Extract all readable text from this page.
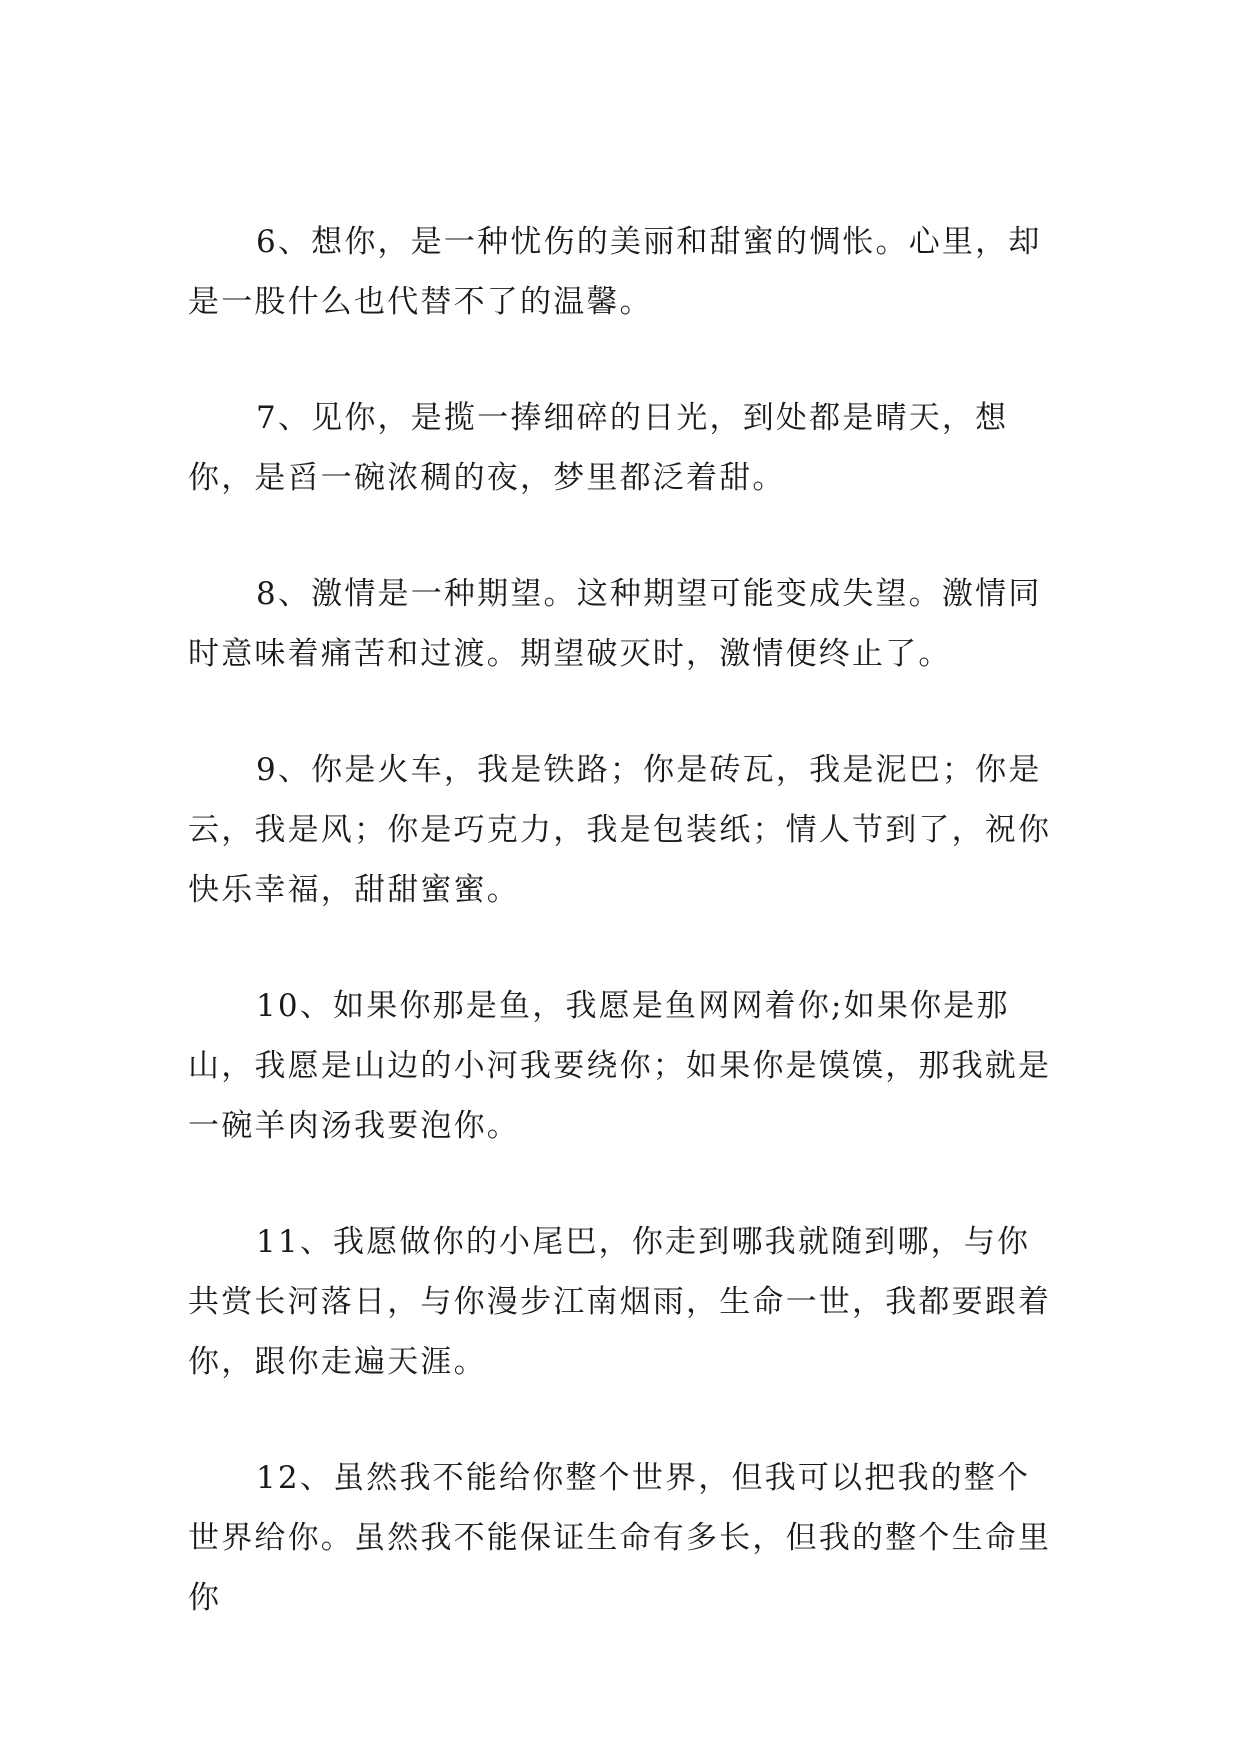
6、想你，是一种忧伤的美丽和甜蜜的惆怅。心里，却是一股什么也代替不了的温馨。

7、见你，是揽一捧细碎的日光，到处都是晴天，想你，是舀一碗浓稠的夜，梦里都泛着甜。

8、激情是一种期望。这种期望可能变成失望。激情同时意味着痛苦和过渡。期望破灭时，激情便终止了。

9、你是火车，我是铁路；你是砖瓦，我是泥巴；你是云，我是风；你是巧克力，我是包装纸；情人节到了，祝你快乐幸福，甜甜蜜蜜。

10、如果你那是鱼，我愿是鱼网网着你;如果你是那山，我愿是山边的小河我要绕你；如果你是馍馍，那我就是一碗羊肉汤我要泡你。

11、我愿做你的小尾巴，你走到哪我就随到哪，与你共赏长河落日，与你漫步江南烟雨，生命一世，我都要跟着你，跟你走遍天涯。

12、虽然我不能给你整个世界，但我可以把我的整个世界给你。虽然我不能保证生命有多长，但我的整个生命里你
